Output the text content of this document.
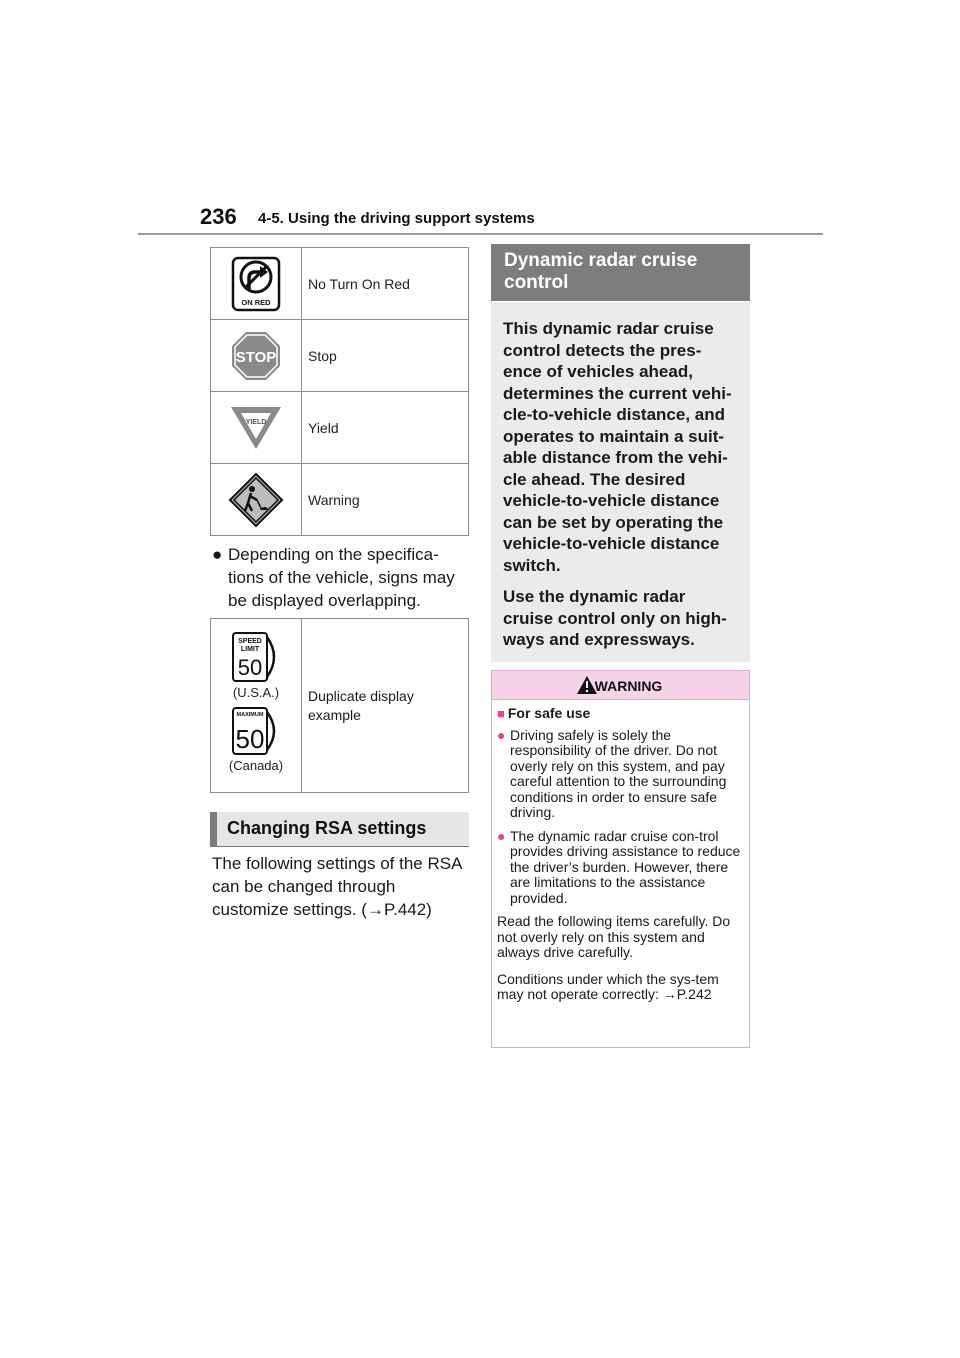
236 4-5. Using the driving support systems
ON RED	No Turn On Red

STOP	Stop

YIELD	Yield

	Warning
● Depending on the specifica-tions of the vehicle, signs may be displayed overlapping.
SPEED
LIMIT
50
(U.S.A.)
MAXIMUM
50
(Canada)
	Duplicate display example
Changing RSA settings
The following settings of the RSA can be changed through customize settings. (→P.442)
Dynamic radar cruise control

This dynamic radar cruise control detects the pres-ence of vehicles ahead, determines the current vehi-cle-to-vehicle distance, and operates to maintain a suit-able distance from the vehi-cle ahead. The desired vehicle-to-vehicle distance can be set by operating the vehicle-to-vehicle distance switch.

Use the dynamic radar cruise control only on high-ways and expressways.

WARNING
■ For safe use
● Driving safely is solely the responsibility of the driver. Do not overly rely on this system, and pay careful attention to the surrounding conditions in order to ensure safe driving.
● The dynamic radar cruise con-trol provides driving assistance to reduce the driver’s burden. However, there are limitations to the assistance provided.

Read the following items carefully. Do not overly rely on this system and always drive carefully.

Conditions under which the sys-tem may not operate correctly: →P.242
